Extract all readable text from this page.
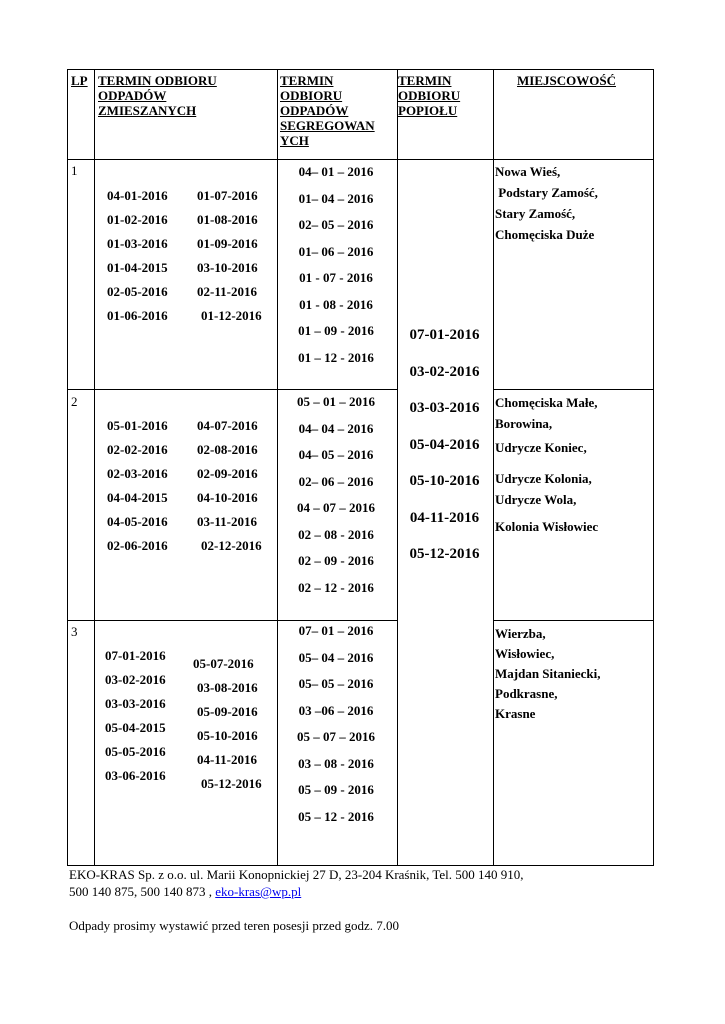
LP TERMIN ODBIORU
ODPADÓW
ZMIESZANYCH
TERMIN
ODBIORU
ODPADÓW
SEGREGOWAN
YCH
TERMIN
ODBIORU
POPIOŁU
MIEJSCOWOŚĆ
1
04-01-2016
01-02-2016
01-03-2016
01-04-2015
02-05-2016
01-06-2016
01-07-2016
01-08-2016
01-09-2016
03-10-2016
02-11-2016
01-12-2016
04– 01 – 2016
01– 04 – 2016
02– 05 – 2016
01– 06 – 2016
01 - 07 - 2016
01 - 08 - 2016
01 – 09 - 2016
01 – 12 - 2016
Nowa Wieś,
Podstary Zamość,
Stary Zamość,
Chomęciska Duże
07-01-2016
03-02-2016
03-03-2016
05-04-2016
05-10-2016
04-11-2016
05-12-2016
2
05-01-2016
02-02-2016
02-03-2016
04-04-2015
04-05-2016
02-06-2016
04-07-2016
02-08-2016
02-09-2016
04-10-2016
03-11-2016
02-12-2016
05 – 01 – 2016
04– 04 – 2016
04– 05 – 2016
02– 06 – 2016
04 – 07 – 2016
02 – 08 - 2016
02 – 09 - 2016
02 – 12 - 2016
Chomęciska Małe,
Borowina,
Udrycze Koniec,
Udrycze Kolonia,
Udrycze Wola,
Kolonia Wisłowiec
3
07-01-2016
03-02-2016
03-03-2016
05-04-2015
05-05-2016
03-06-2016
05-07-2016
03-08-2016
05-09-2016
05-10-2016
04-11-2016
05-12-2016
07– 01 – 2016
05– 04 – 2016
05– 05 – 2016
03 –06 – 2016
05 – 07 – 2016
03 – 08 - 2016
05 – 09 - 2016
05 – 12 - 2016
Wierzba,
Wisłowiec,
Majdan Sitaniecki,
Podkrasne,
Krasne
EKO-KRAS Sp. z o.o. ul. Marii Konopnickiej 27 D, 23-204 Kraśnik, Tel. 500 140 910,
500 140 875, 500 140 873 , eko-kras@wp.pl
Odpady prosimy wystawić przed teren posesji przed godz. 7.00
